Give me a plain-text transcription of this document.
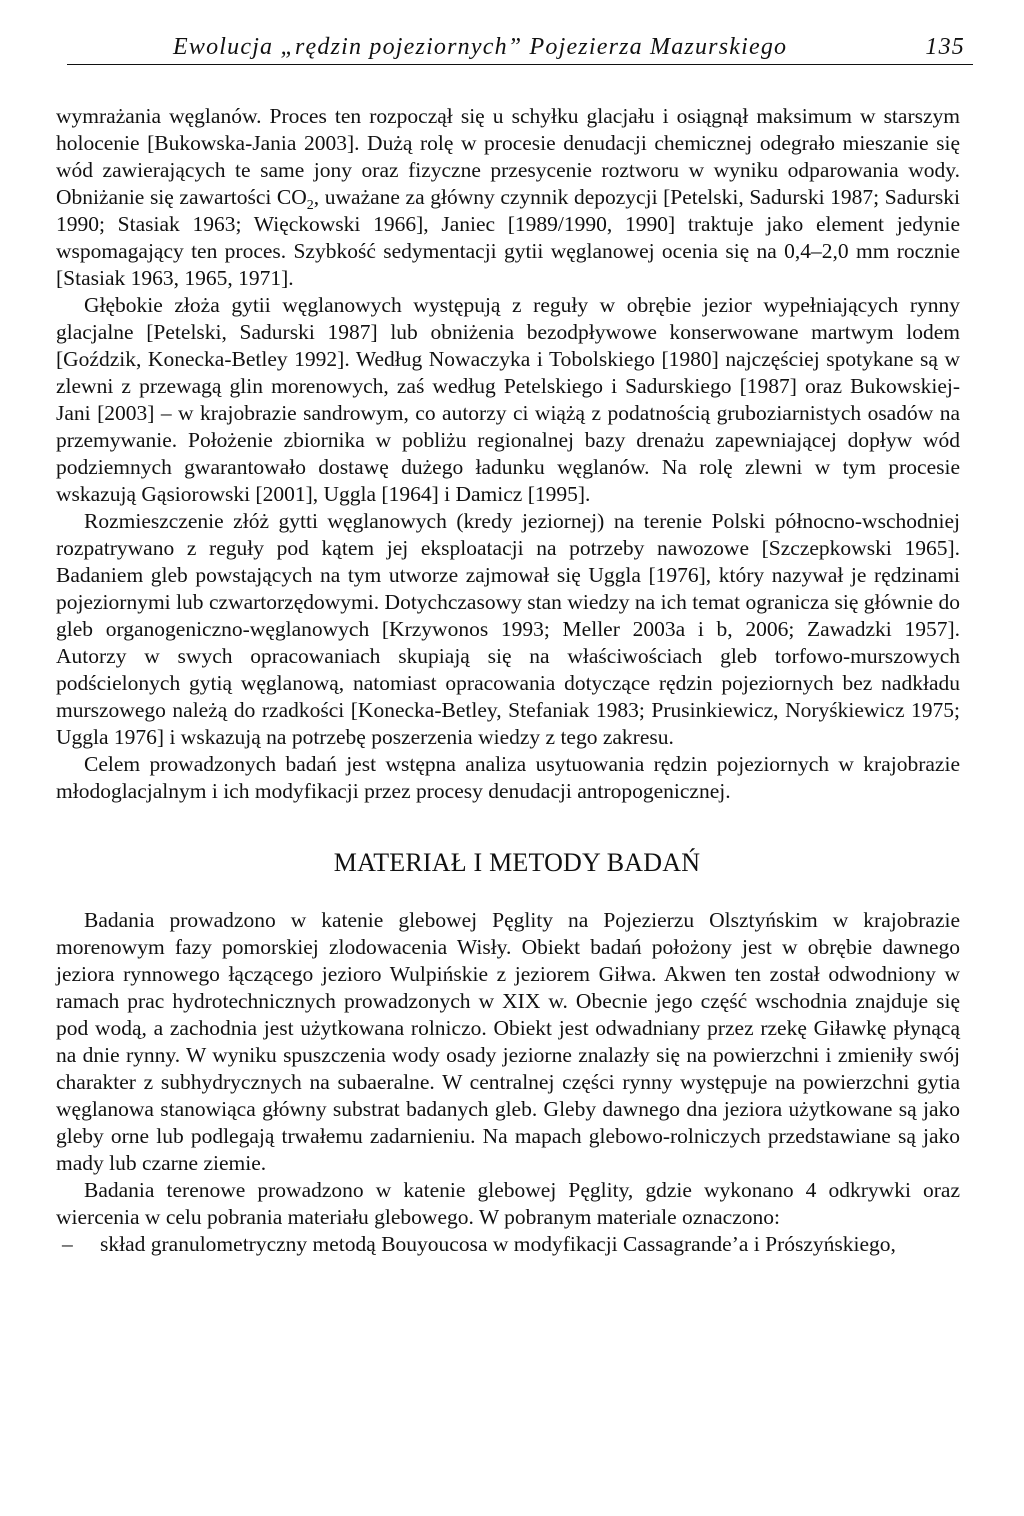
Ewolucja „rędzin pojeziornych” Pojezierza Mazurskiego	135

wymrażania węglanów. Proces ten rozpoczął się u schyłku glacjału i osiągnął maksimum w starszym holocenie [Bukowska-Jania 2003]. Dużą rolę w procesie denudacji chemicznej odegrało mieszanie się wód zawierających te same jony oraz fizyczne przesycenie roztworu w wyniku odparowania wody. Obniżanie się zawartości $CO_2$, uważane za główny czynnik depozycji [Petelski, Sadurski 1987; Sadurski 1990; Stasiak 1963; Więckowski 1966], Janiec [1989/1990, 1990] traktuje jako element jedynie wspomagający ten proces. Szybkość sedymentacji gytii węglanowej ocenia się na 0,4–2,0 mm rocznie [Stasiak 1963, 1965, 1971].

Głębokie złoża gytii węglanowych występują z reguły w obrębie jezior wypełniających rynny glacjalne [Petelski, Sadurski 1987] lub obniżenia bezodpływowe konserwowane martwym lodem [Goździk, Konecka-Betley 1992]. Według Nowaczyka i Tobolskiego [1980] najczęściej spotykane są w zlewni z przewagą glin morenowych, zaś według Petelskiego i Sadurskiego [1987] oraz Bukowskiej-Jani [2003] – w krajobrazie sandrowym, co autorzy ci wiążą z podatnością gruboziarnistych osadów na przemywanie. Położenie zbiornika w pobliżu regionalnej bazy drenażu zapewniającej dopływ wód podziemnych gwarantowało dostawę dużego ładunku węglanów. Na rolę zlewni w tym procesie wskazują Gąsiorowski [2001], Uggla [1964] i Damicz [1995].

Rozmieszczenie złóż gytti węglanowych (kredy jeziornej) na terenie Polski północno-wschodniej rozpatrywano z reguły pod kątem jej eksploatacji na potrzeby nawozowe [Szczepkowski 1965]. Badaniem gleb powstających na tym utworze zajmował się Uggla [1976], który nazywał je rędzinami pojeziornymi lub czwartorzędowymi. Dotychczasowy stan wiedzy na ich temat ogranicza się głównie do gleb organogeniczno-węglanowych [Krzywonos 1993; Meller 2003a i b, 2006; Zawadzki 1957]. Autorzy w swych opracowaniach skupiają się na właściwościach gleb torfowo-murszowych podścielonych gytią węglanową, natomiast opracowania dotyczące rędzin pojeziornych bez nadkładu murszowego należą do rzadkości [Konecka-Betley, Stefaniak 1983; Prusinkiewicz, Noryśkiewicz 1975; Uggla 1976] i wskazują na potrzebę poszerzenia wiedzy z tego zakresu.

Celem prowadzonych badań jest wstępna analiza usytuowania rędzin pojeziornych w krajobrazie młodoglacjalnym i ich modyfikacji przez procesy denudacji antropogenicznej.

MATERIAŁ I METODY BADAŃ

Badania prowadzono w katenie glebowej Pęglity na Pojezierzu Olsztyńskim w krajobrazie morenowym fazy pomorskiej zlodowacenia Wisły. Obiekt badań położony jest w obrębie dawnego jeziora rynnowego łączącego jezioro Wulpińskie z jeziorem Giłwa. Akwen ten został odwodniony w ramach prac hydrotechnicznych prowadzonych w XIX w. Obecnie jego część wschodnia znajduje się pod wodą, a zachodnia jest użytkowana rolniczo. Obiekt jest odwadniany przez rzekę Giławkę płynącą na dnie rynny. W wyniku spuszczenia wody osady jeziorne znalazły się na powierzchni i zmieniły swój charakter z subhydrycznych na subaeralne. W centralnej części rynny występuje na powierzchni gytia węglanowa stanowiąca główny substrat badanych gleb. Gleby dawnego dna jeziora użytkowane są jako gleby orne lub podlegają trwałemu zadarnieniu. Na mapach glebowo-rolniczych przedstawiane są jako mady lub czarne ziemie.

Badania terenowe prowadzono w katenie glebowej Pęglity, gdzie wykonano 4 odkrywki oraz wiercenia w celu pobrania materiału glebowego. W pobranym materiale oznaczono:

– skład granulometryczny metodą Bouyoucosa w modyfikacji Cassagrande’a i Prószyńskiego,
